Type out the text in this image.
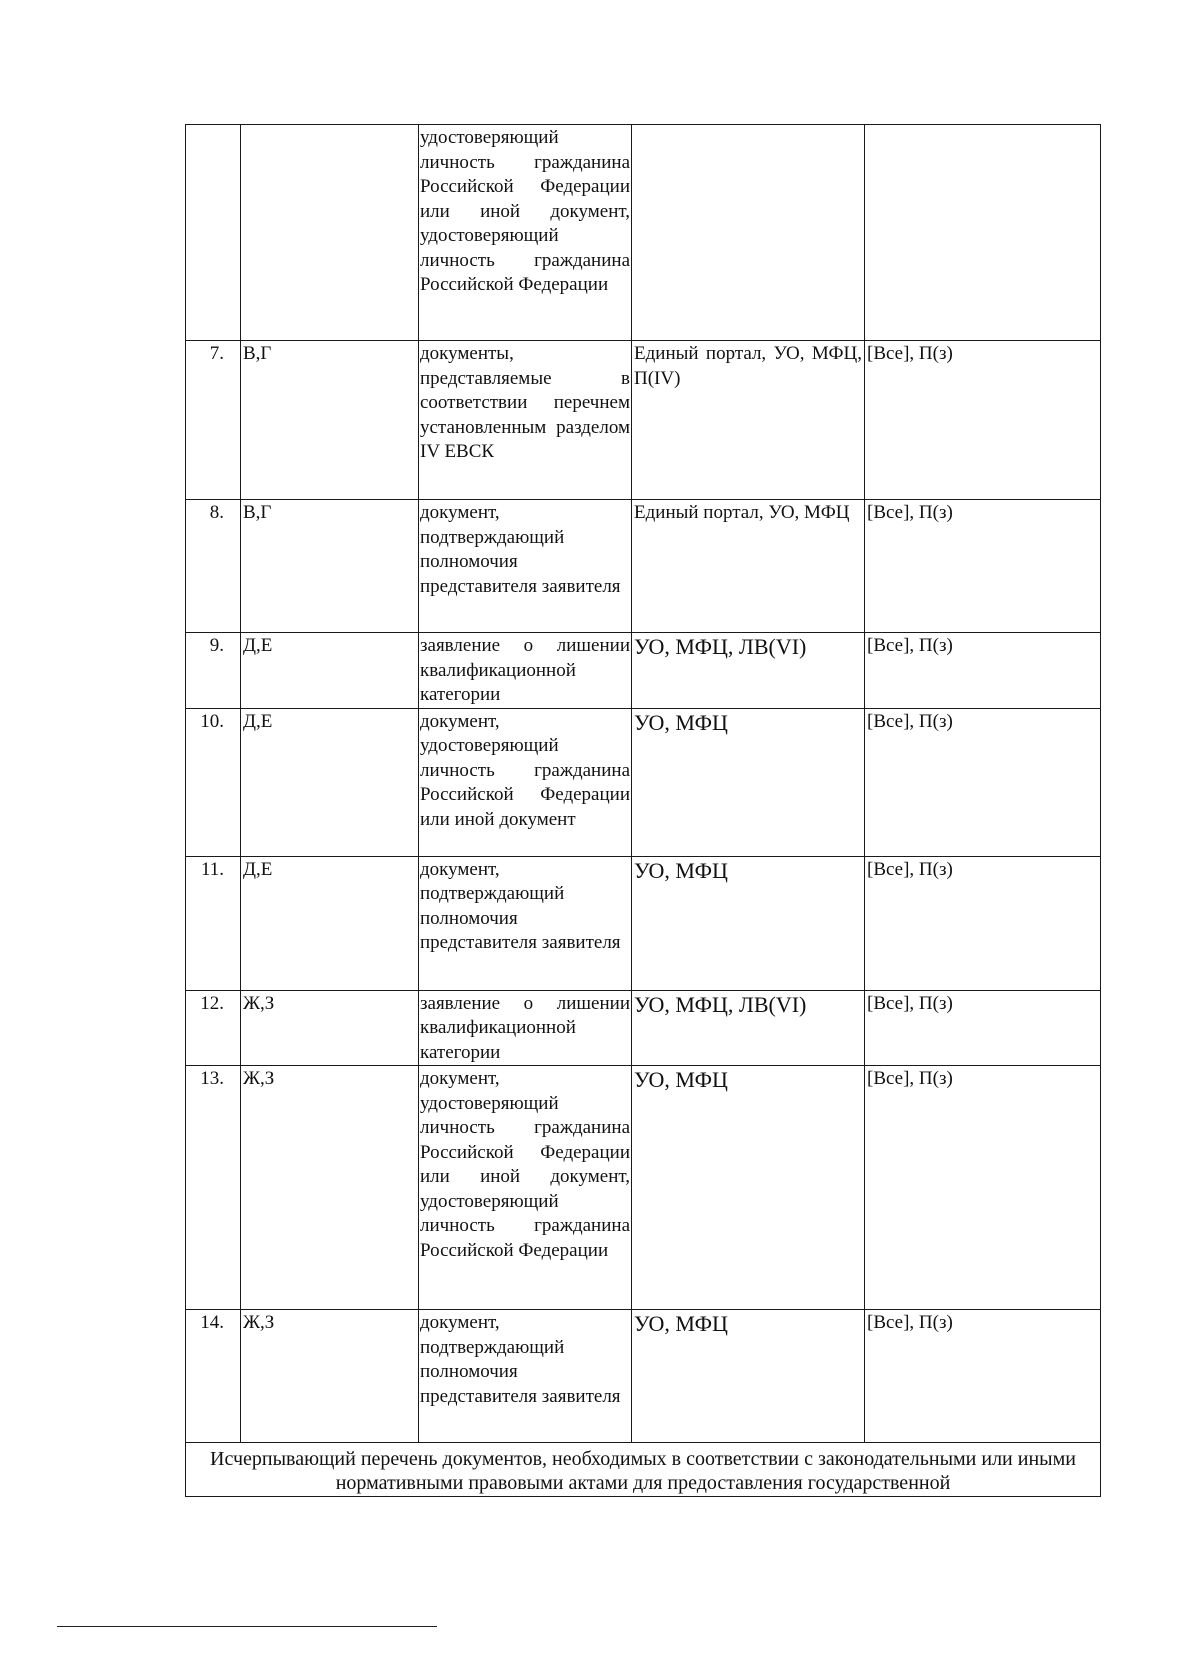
		удостоверяющий личность гражданина Российской Федерации или иной документ, удостоверяющий личность гражданина Российской Федерации		
7.	В,Г	документы, представляемые в соответствии перечнем установленным разделом IV ЕВСК	Единый портал, УО, МФЦ, П(IV)	[Все], П(з)
8.	В,Г	документ, подтверждающий полномочия представителя заявителя	Единый портал, УО, МФЦ	[Все], П(з)
9.	Д,Е	заявление о лишении квалификационной категории	УО, МФЦ, ЛВ(VI)	[Все], П(з)
10.	Д,Е	документ, удостоверяющий личность гражданина Российской Федерации или иной документ	УО, МФЦ	[Все], П(з)
11.	Д,Е	документ, подтверждающий полномочия представителя заявителя	УО, МФЦ	[Все], П(з)
12.	Ж,З	заявление о лишении квалификационной категории	УО, МФЦ, ЛВ(VI)	[Все], П(з)
13.	Ж,З	документ, удостоверяющий личность гражданина Российской Федерации или иной документ, удостоверяющий личность гражданина Российской Федерации	УО, МФЦ	[Все], П(з)
14.	Ж,З	документ, подтверждающий полномочия представителя заявителя	УО, МФЦ	[Все], П(з)
Исчерпывающий перечень документов, необходимых в соответствии с законодательными или иными нормативными правовыми актами для предоставления государственной				
